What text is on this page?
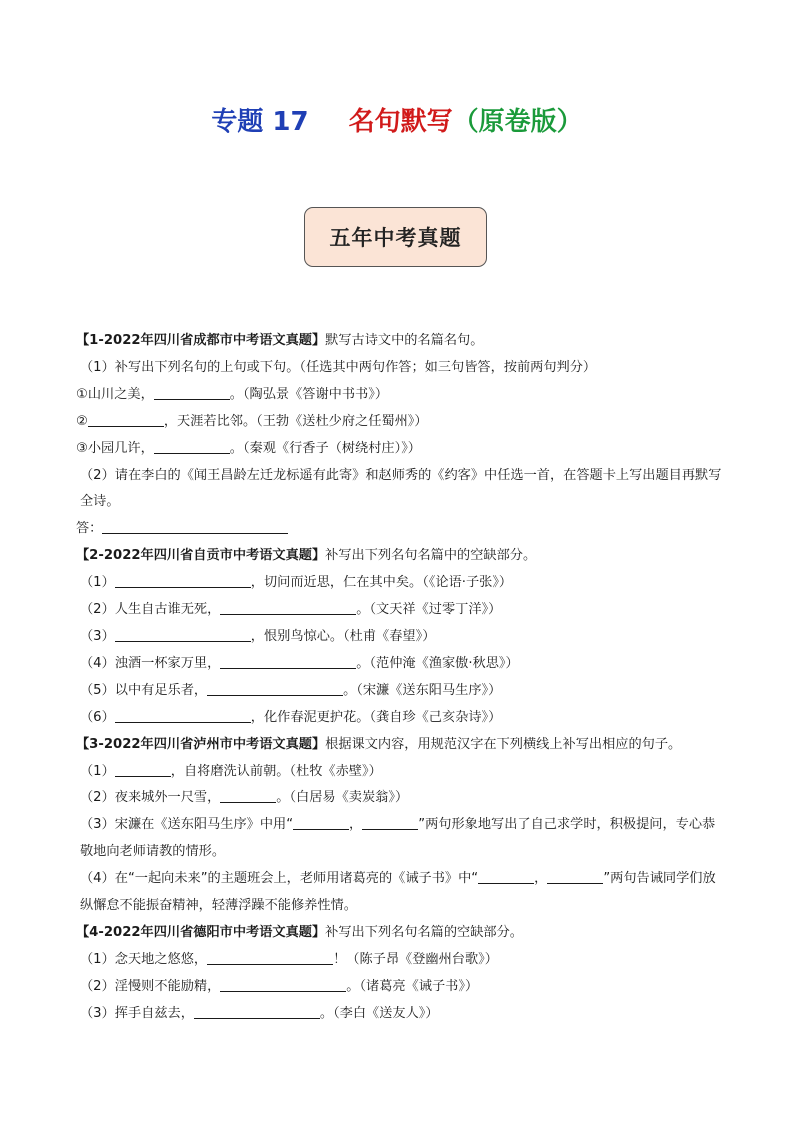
专题 17 名句默写（原卷版）
五年中考真题
【1-2022年四川省成都市中考语文真题】默写古诗文中的名篇名句。
（1）补写出下列名句的上句或下句。（任选其中两句作答；如三句皆答，按前两句判分）
①山川之美，	。（陶弘景《答谢中书书》）
②	，天涯若比邻。（王勃《送杜少府之任蜀州》）
③小园几许，	。（秦观《行香子（树绕村庄）》）
（2）请在李白的《闻王昌龄左迁龙标遥有此寄》和赵师秀的《约客》中任选一首，在答题卡上写出题目再默写全诗。
答：
【2-2022年四川省自贡市中考语文真题】补写出下列名句名篇中的空缺部分。
（1）	，切问而近思，仁在其中矣。（《论语·子张》）
（2）人生自古谁无死，	。（文天祥《过零丁洋》）
（3）	，恨别鸟惊心。（杜甫《春望》）
（4）浊酒一杯家万里，	。（范仲淹《渔家傲·秋思》）
（5）以中有足乐者，	。（宋濂《送东阳马生序》）
（6）	，化作春泥更护花。（龚自珍《己亥杂诗》）
【3-2022年四川省泸州市中考语文真题】根据课文内容，用规范汉字在下列横线上补写出相应的句子。
（1）	，自将磨洗认前朝。（杜牧《赤壁》）
（2）夜来城外一尺雪，	。（白居易《卖炭翁》）
（3）宋濂在《送东阳马生序》中用“	，	”两句形象地写出了自己求学时，积极提问，专心恭敬地向老师请教的情形。
（4）在“一起向未来”的主题班会上，老师用诸葛亮的《诫子书》中“	，	”两句告诫同学们放纵懈怠不能振奋精神，轻薄浮躁不能修养性情。
【4-2022年四川省德阳市中考语文真题】补写出下列名句名篇的空缺部分。
（1）念天地之悠悠，	！（陈子昂《登幽州台歌》）
（2）淫慢则不能励精，	。（诸葛亮《诫子书》）
（3）挥手自兹去，	。（李白《送友人》）
